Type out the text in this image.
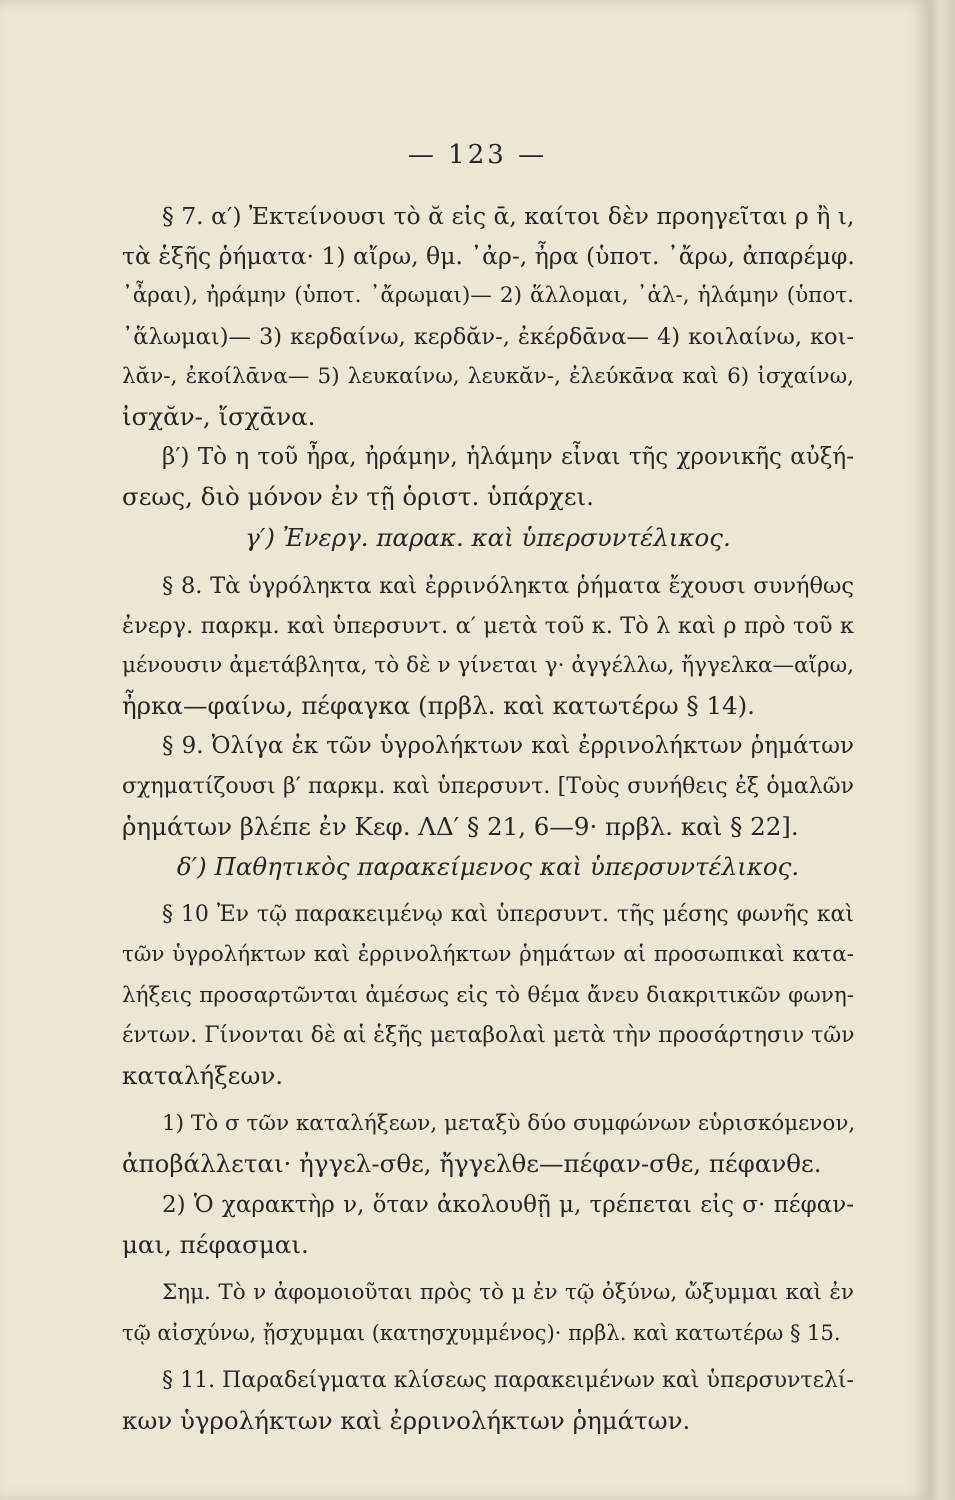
— 123 —
§ 7. α′) Ἐκτείνουσι τὸ ᾰ εἰς ᾱ, καίτοι δὲν προηγεῖται ρ ἢ ι,
τὰ ἑξῆς ῥήματα· 1) αἴρω, θμ. ᾽ἀρ-, ἦρα (ὑποτ. ᾽ἄρω, ἀπαρέμφ.
᾽ἆραι), ἠράμην (ὑποτ. ᾽ἄρωμαι)— 2) ἅλλομαι, ᾽ἁλ-, ἡλάμην (ὑποτ.
᾽ἅλωμαι)— 3) κερδαίνω, κερδᾰν-, ἐκέρδᾱνα— 4) κοιλαίνω, κοι-
λᾰν-, ἐκοίλᾱνα— 5) λευκαίνω, λευκᾰν-, ἐλεύκᾱνα καὶ 6) ἰσχαίνω,
ἰσχᾰν-, ἴσχᾱνα.
β′) Τὸ η τοῦ ἦρα, ἠράμην, ἡλάμην εἶναι τῆς χρονικῆς αὐξή-
σεως, διὸ μόνον ἐν τῇ ὁριστ. ὑπάρχει.
γ′) Ἐνεργ. παρακ. καὶ ὑπερσυντέλικος.
§ 8. Τὰ ὑγρόληκτα καὶ ἐρρινόληκτα ῥήματα ἔχουσι συνήθως
ἐνεργ. παρκμ. καὶ ὑπερσυντ. α′ μετὰ τοῦ κ. Τὸ λ καὶ ρ πρὸ τοῦ κ
μένουσιν ἀμετάβλητα, τὸ δὲ ν γίνεται γ· ἀγγέλλω, ἤγγελκα—αἴρω,
ἦρκα—φαίνω, πέφαγκα (πρβλ. καὶ κατωτέρω § 14).
§ 9. Ὀλίγα ἐκ τῶν ὑγρολήκτων καὶ ἐρρινολήκτων ῥημάτων
σχηματίζουσι β′ παρκμ. καὶ ὑπερσυντ. [Τοὺς συνήθεις ἐξ ὁμαλῶν
ῥημάτων βλέπε ἐν Κεφ. ΛΔ′ § 21, 6—9· πρβλ. καὶ § 22].
δ′) Παθητικὸς παρακείμενος καὶ ὑπερσυντέλικος.
§ 10 Ἐν τῷ παρακειμένῳ καὶ ὑπερσυντ. τῆς μέσης φωνῆς καὶ
τῶν ὑγρολήκτων καὶ ἐρρινολήκτων ῥημάτων αἱ προσωπικαὶ κατα-
λήξεις προσαρτῶνται ἀμέσως εἰς τὸ θέμα ἄνευ διακριτικῶν φωνη-
έντων. Γίνονται δὲ αἱ ἑξῆς μεταβολαὶ μετὰ τὴν προσάρτησιν τῶν
καταλήξεων.
1) Τὸ σ τῶν καταλήξεων, μεταξὺ δύο συμφώνων εὑρισκόμενον,
ἀποβάλλεται· ἠγγελ-σθε, ἤγγελθε—πέφαν-σθε, πέφανθε.
2) Ὁ χαρακτὴρ ν, ὅταν ἀκολουθῇ μ, τρέπεται εἰς σ· πέφαν-
μαι, πέφασμαι.
Σημ. Τὸ ν ἀφομοιοῦται πρὸς τὸ μ ἐν τῷ ὀξύνω, ὤξυμμαι καὶ ἐν
τῷ αἰσχύνω, ᾔσχυμμαι (κατησχυμμένος)· πρβλ. καὶ κατωτέρω § 15.
§ 11. Παραδείγματα κλίσεως παρακειμένων καὶ ὑπερσυντελί-
κων ὑγρολήκτων καὶ ἐρρινολήκτων ῥημάτων.
